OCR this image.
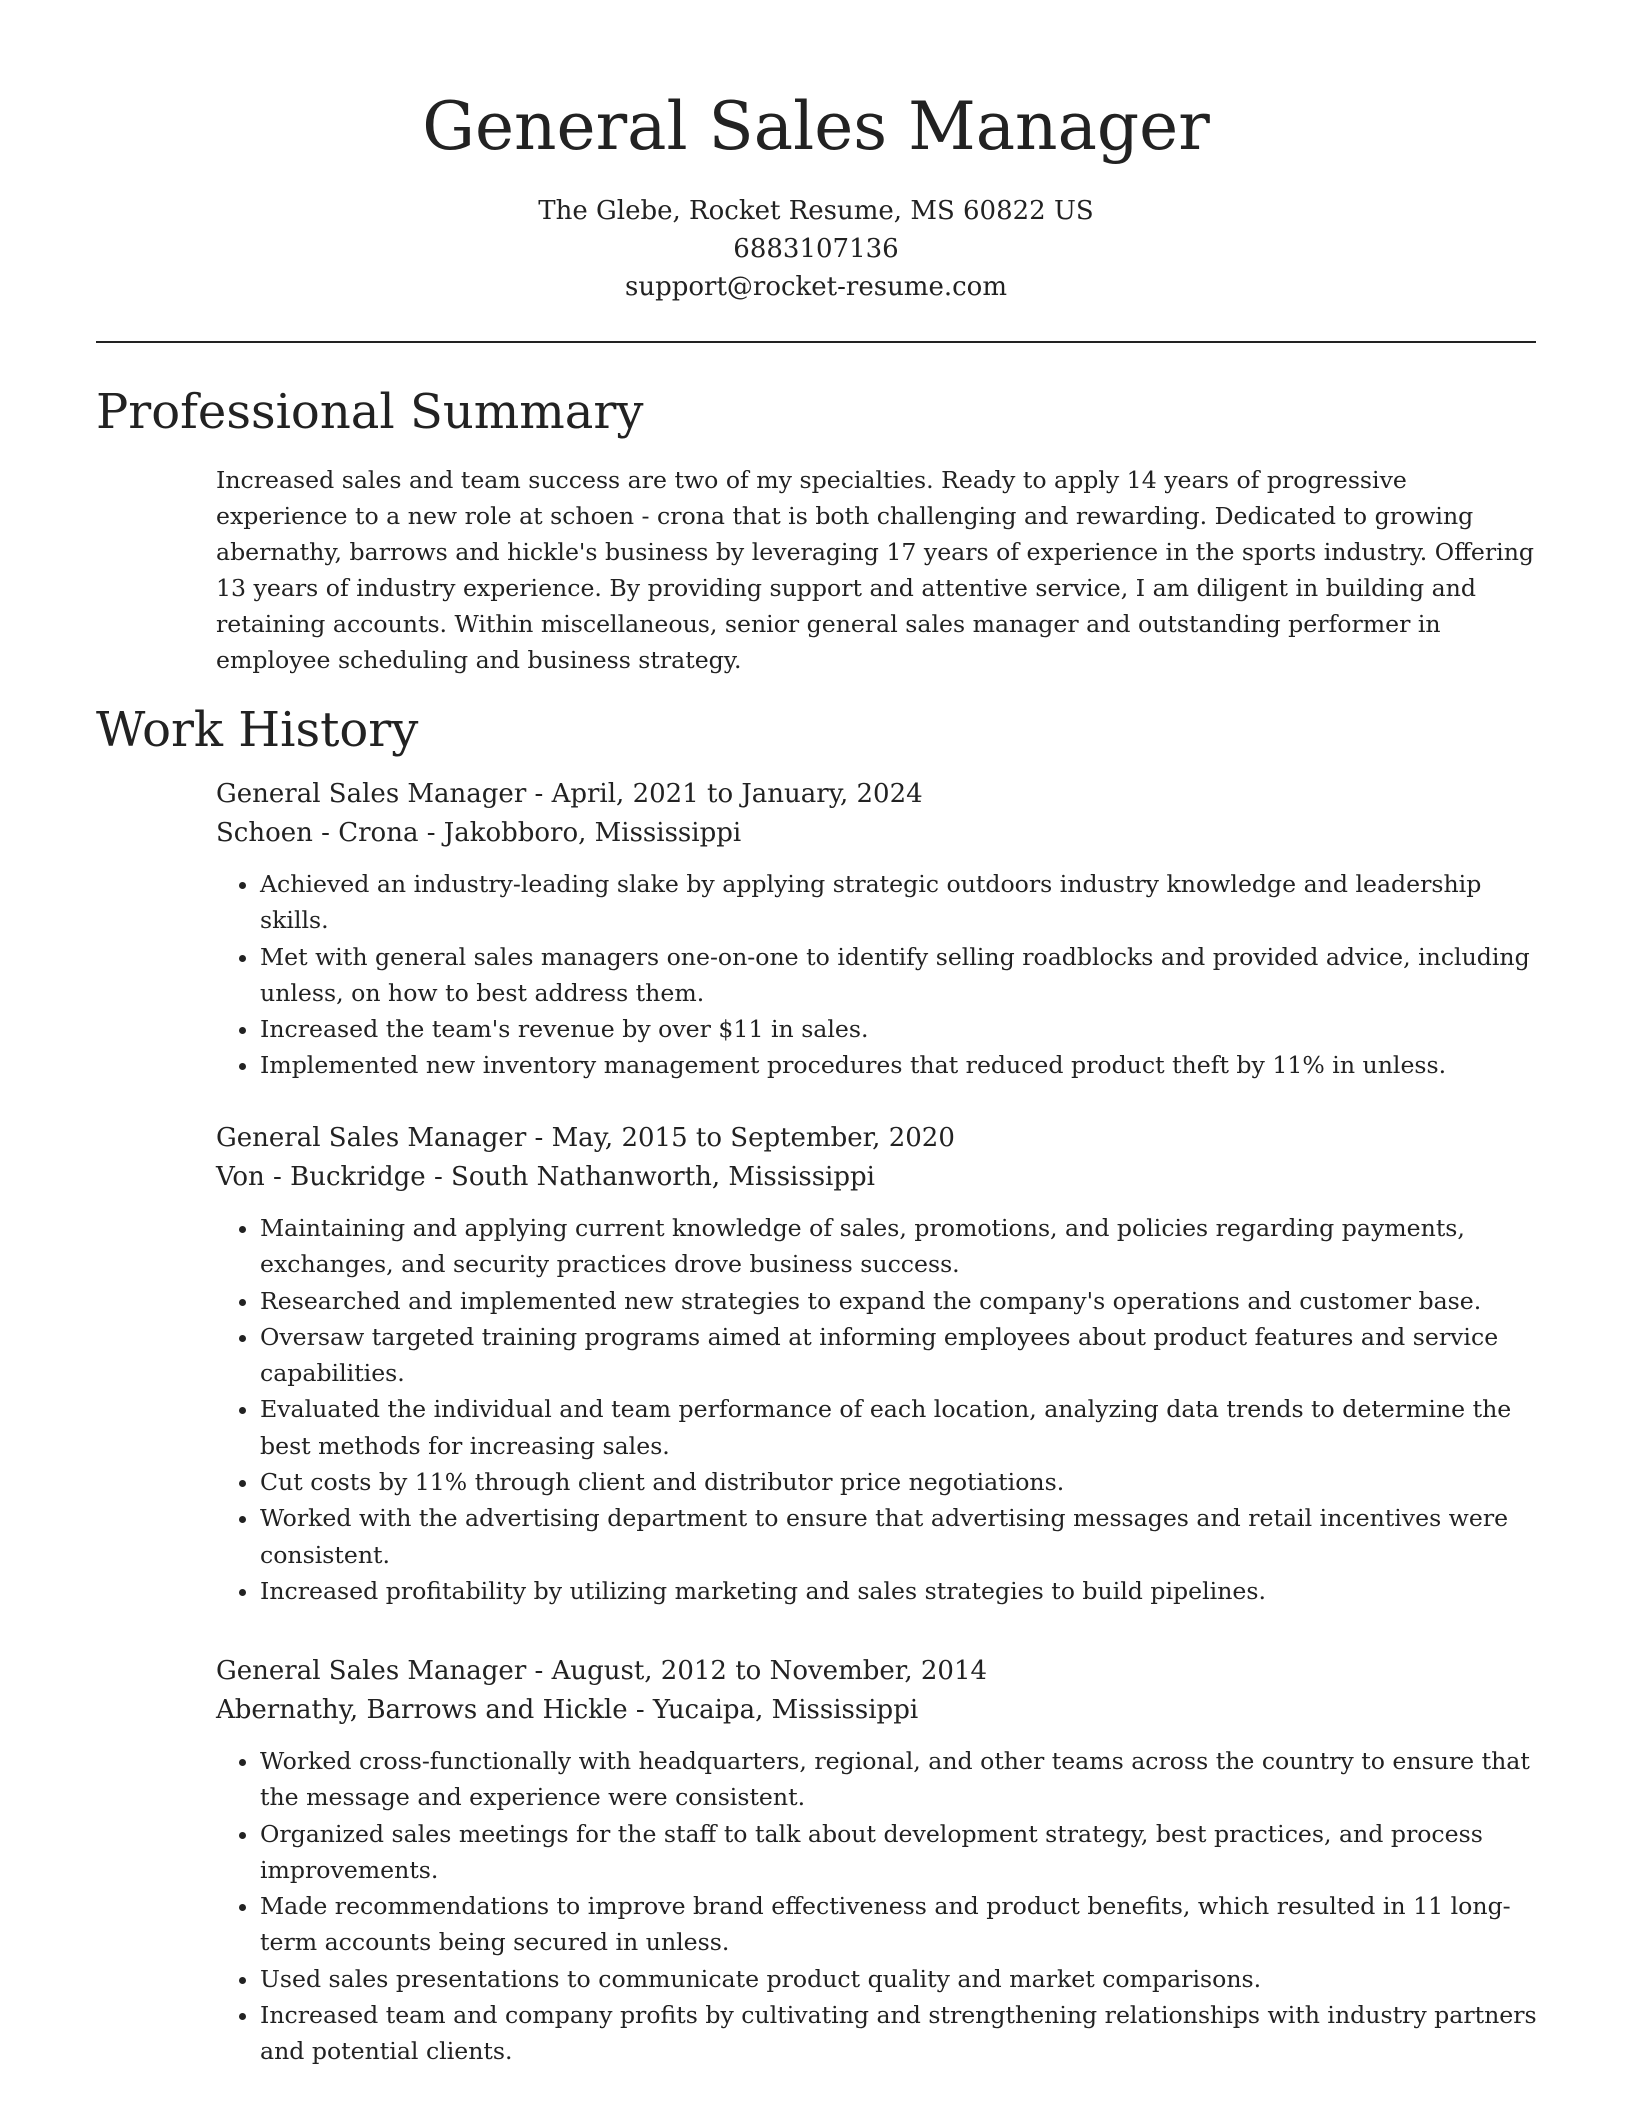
General Sales Manager
The Glebe, Rocket Resume, MS 60822 US
6883107136
support@rocket-resume.com
Professional Summary
Increased sales and team success are two of my specialties. Ready to apply 14 years of progressive experience to a new role at schoen - crona that is both challenging and rewarding. Dedicated to growing abernathy, barrows and hickle's business by leveraging 17 years of experience in the sports industry. Offering 13 years of industry experience. By providing support and attentive service, I am diligent in building and retaining accounts. Within miscellaneous, senior general sales manager and outstanding performer in employee scheduling and business strategy.
Work History
General Sales Manager - April, 2021 to January, 2024
Schoen - Crona - Jakobboro, Mississippi
• Achieved an industry-leading slake by applying strategic outdoors industry knowledge and leadership skills.
• Met with general sales managers one-on-one to identify selling roadblocks and provided advice, including unless, on how to best address them.
• Increased the team's revenue by over $11 in sales.
• Implemented new inventory management procedures that reduced product theft by 11% in unless.
General Sales Manager - May, 2015 to September, 2020
Von - Buckridge - South Nathanworth, Mississippi
• Maintaining and applying current knowledge of sales, promotions, and policies regarding payments, exchanges, and security practices drove business success.
• Researched and implemented new strategies to expand the company's operations and customer base.
• Oversaw targeted training programs aimed at informing employees about product features and service capabilities.
• Evaluated the individual and team performance of each location, analyzing data trends to determine the best methods for increasing sales.
• Cut costs by 11% through client and distributor price negotiations.
• Worked with the advertising department to ensure that advertising messages and retail incentives were consistent.
• Increased profitability by utilizing marketing and sales strategies to build pipelines.
General Sales Manager - August, 2012 to November, 2014
Abernathy, Barrows and Hickle - Yucaipa, Mississippi
• Worked cross-functionally with headquarters, regional, and other teams across the country to ensure that the message and experience were consistent.
• Organized sales meetings for the staff to talk about development strategy, best practices, and process improvements.
• Made recommendations to improve brand effectiveness and product benefits, which resulted in 11 long-term accounts being secured in unless.
• Used sales presentations to communicate product quality and market comparisons.
• Increased team and company profits by cultivating and strengthening relationships with industry partners and potential clients.
